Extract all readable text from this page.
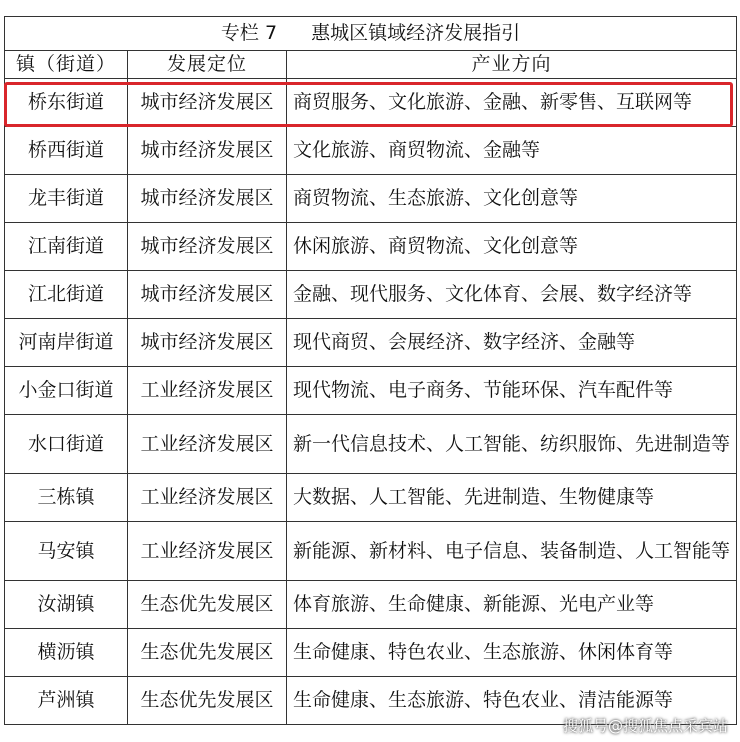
专栏 7 惠城区镇域经济发展指引		
镇（街道）	发展定位	产业方向
桥东街道	城市经济发展区	商贸服务、文化旅游、金融、新零售、互联网等
桥西街道	城市经济发展区	文化旅游、商贸物流、金融等
龙丰街道	城市经济发展区	商贸物流、生态旅游、文化创意等
江南街道	城市经济发展区	休闲旅游、商贸物流、文化创意等
江北街道	城市经济发展区	金融、现代服务、文化体育、会展、数字经济等
河南岸街道	城市经济发展区	现代商贸、会展经济、数字经济、金融等
小金口街道	工业经济发展区	现代物流、电子商务、节能环保、汽车配件等
水口街道	工业经济发展区	新一代信息技术、人工智能、纺织服饰、先进制造等
三栋镇	工业经济发展区	大数据、人工智能、先进制造、生物健康等
马安镇	工业经济发展区	新能源、新材料、电子信息、装备制造、人工智能等
汝湖镇	生态优先发展区	体育旅游、生命健康、新能源、光电产业等
横沥镇	生态优先发展区	生命健康、特色农业、生态旅游、休闲体育等
芦洲镇	生态优先发展区	生命健康、生态旅游、特色农业、清洁能源等
搜狐号@搜狐焦点采宾站
